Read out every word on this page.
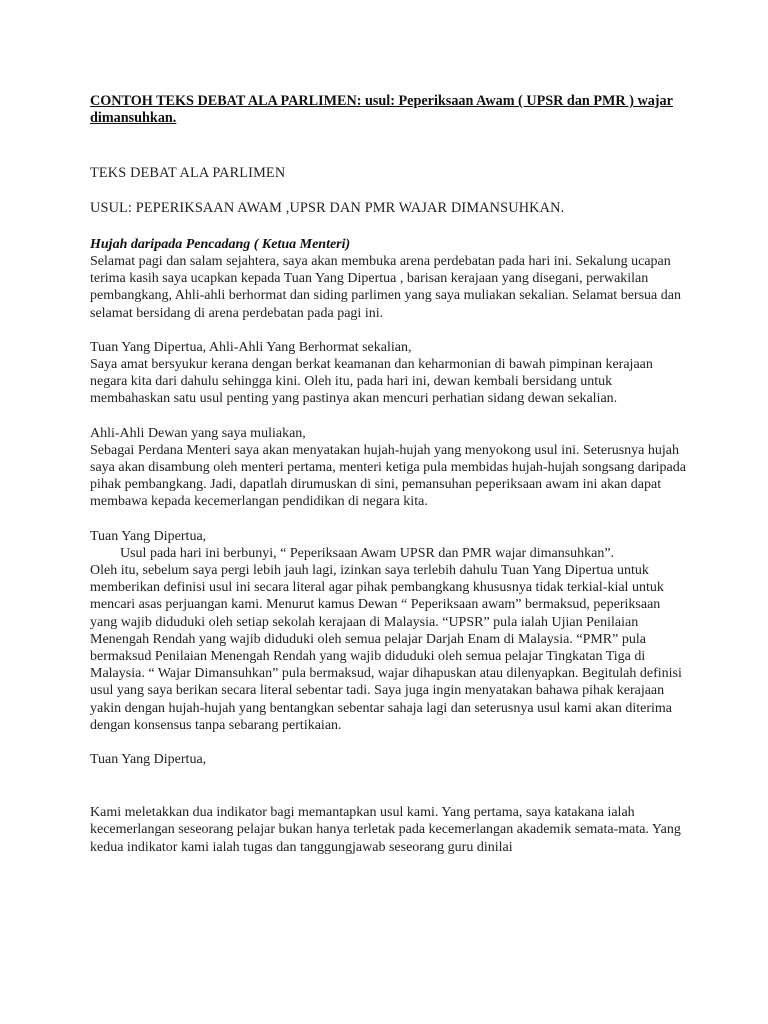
CONTOH TEKS DEBAT ALA PARLIMEN: usul: Peperiksaan Awam ( UPSR dan PMR ) wajar dimansuhkan.

TEKS DEBAT ALA PARLIMEN

USUL: PEPERIKSAAN AWAM ,UPSR DAN PMR WAJAR DIMANSUHKAN.

Hujah daripada Pencadang ( Ketua Menteri)

Selamat pagi dan salam sejahtera, saya akan membuka arena perdebatan pada hari ini. Sekalung ucapan terima kasih saya ucapkan kepada Tuan Yang Dipertua , barisan kerajaan yang disegani, perwakilan pembangkang, Ahli-ahli berhormat dan siding parlimen yang saya muliakan sekalian. Selamat bersua dan selamat bersidang di arena perdebatan pada pagi ini.

Tuan Yang Dipertua, Ahli-Ahli Yang Berhormat sekalian,

Saya amat bersyukur kerana dengan berkat keamanan dan keharmonian di bawah pimpinan kerajaan negara kita dari dahulu sehingga kini. Oleh itu, pada hari ini, dewan kembali bersidang untuk membahaskan satu usul penting yang pastinya akan mencuri perhatian sidang dewan sekalian.

Ahli-Ahli Dewan yang saya muliakan,

Sebagai Perdana Menteri saya akan menyatakan hujah-hujah yang menyokong usul ini. Seterusnya hujah saya akan disambung oleh menteri pertama, menteri ketiga pula membidas hujah-hujah songsang daripada pihak pembangkang. Jadi, dapatlah dirumuskan di sini, pemansuhan peperiksaan awam ini akan dapat membawa kepada kecemerlangan pendidikan di negara kita.

Tuan Yang Dipertua,

Usul pada hari ini berbunyi, “ Peperiksaan Awam UPSR dan PMR wajar dimansuhkan”.

Oleh itu, sebelum saya pergi lebih jauh lagi, izinkan saya terlebih dahulu Tuan Yang Dipertua untuk memberikan definisi usul ini secara literal agar pihak pembangkang khususnya tidak terkial-kial untuk mencari asas perjuangan kami. Menurut kamus Dewan “ Peperiksaan awam” bermaksud, peperiksaan yang wajib diduduki oleh setiap sekolah kerajaan di Malaysia. “UPSR” pula ialah Ujian Penilaian Menengah Rendah yang wajib diduduki oleh semua pelajar Darjah Enam di Malaysia. “PMR” pula bermaksud Penilaian Menengah Rendah yang wajib diduduki oleh semua pelajar Tingkatan Tiga di Malaysia. “ Wajar Dimansuhkan” pula bermaksud, wajar dihapuskan atau dilenyapkan. Begitulah definisi usul yang saya berikan secara literal sebentar tadi. Saya juga ingin menyatakan bahawa pihak kerajaan yakin dengan hujah-hujah yang bentangkan sebentar sahaja lagi dan seterusnya usul kami akan diterima dengan konsensus tanpa sebarang pertikaian.

Tuan Yang Dipertua,

Kami meletakkan dua indikator bagi memantapkan usul kami. Yang pertama, saya katakana ialah kecemerlangan seseorang pelajar bukan hanya terletak pada kecemerlangan akademik semata-mata. Yang kedua indikator kami ialah tugas dan tanggungjawab seseorang guru dinilai
